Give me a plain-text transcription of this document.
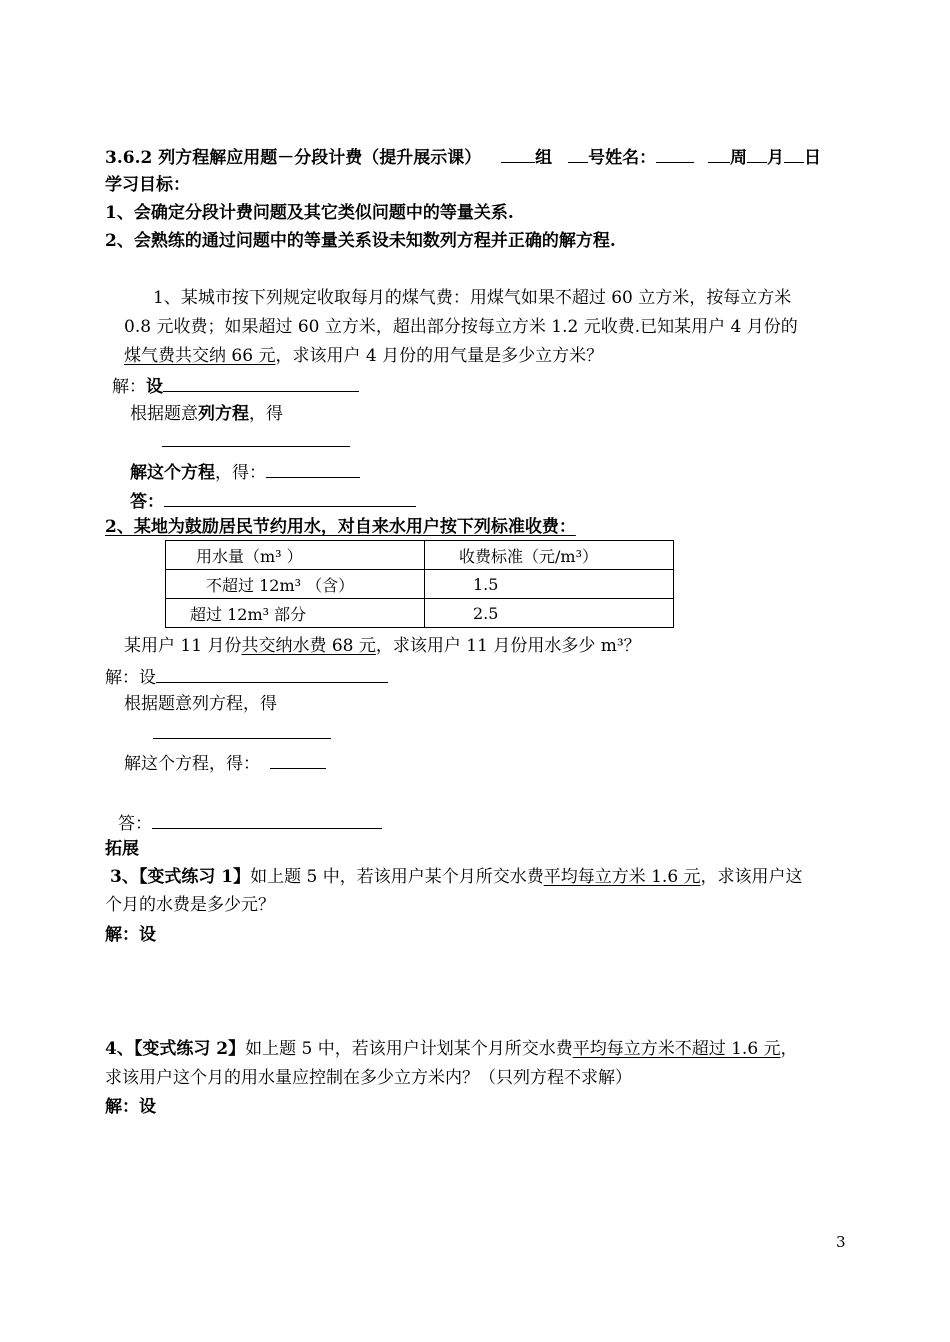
3.6.2 列方程解应用题－分段计费（提升展示课）	组 号姓名：	周 月 日
学习目标：
1、会确定分段计费问题及其它类似问题中的等量关系.
2、会熟练的通过问题中的等量关系设未知数列方程并正确的解方程.
1、某城市按下列规定收取每月的煤气费：用煤气如果不超过 60 立方米，按每立方米
0.8 元收费；如果超过 60 立方米，超出部分按每立方米 1.2 元收费.已知某用户 4 月份的
煤气费共交纳 66 元，求该用户 4 月份的用气量是多少立方米？
解：设
根据题意列方程，得
解这个方程，得：
答：
2、某地为鼓励居民节约用水，对自来水用户按下列标准收费：
用水量（m³ ）	收费标准（元/m³）
不超过 12m³ （含）	1.5
超过 12m³ 部分	2.5
某用户 11 月份共交纳水费 68 元，求该用户 11 月份用水多少 m³？
解：设
根据题意列方程，得
解这个方程，得：
答：
拓展
3、【变式练习 1】如上题 5 中，若该用户某个月所交水费平均每立方米 1.6 元，求该用户这
个月的水费是多少元？
解：设
4、【变式练习 2】如上题 5 中，若该用户计划某个月所交水费平均每立方米不超过 1.6 元，
求该用户这个月的用水量应控制在多少立方米内？（只列方程不求解）
解：设
3
